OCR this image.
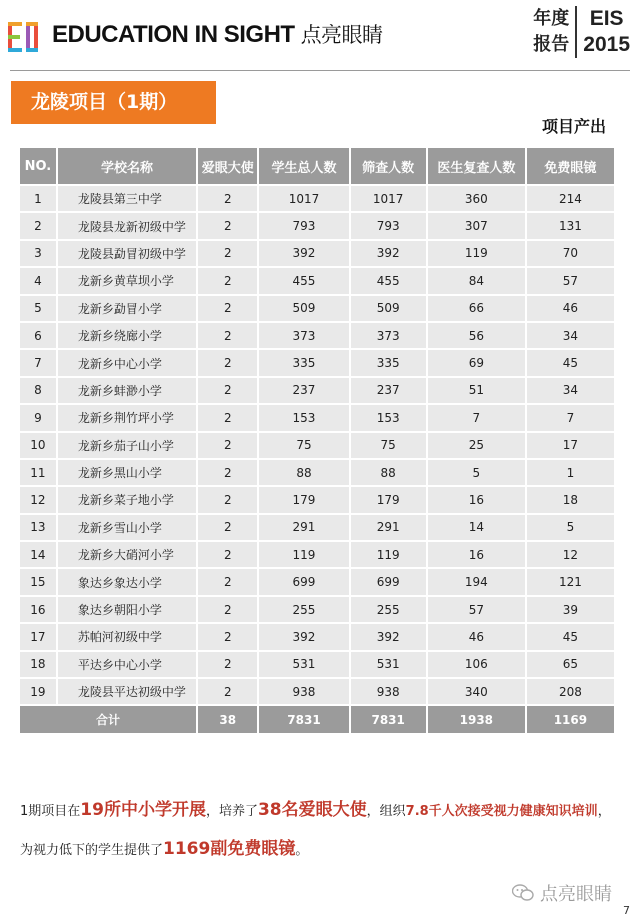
EDUCATION IN SIGHT 点亮眼睛
年度
报告
EIS
2015
龙陵项目（1期）
项目产出
NO.	学校名称	爱眼大使	学生总人数	筛查人数	医生复查人数	免费眼镜
1	龙陵县第三中学	2	1017	1017	360	214
2	龙陵县龙新初级中学	2	793	793	307	131
3	龙陵县勐冒初级中学	2	392	392	119	70
4	龙新乡黄草坝小学	2	455	455	84	57
5	龙新乡勐冒小学	2	509	509	66	46
6	龙新乡绕廊小学	2	373	373	56	34
7	龙新乡中心小学	2	335	335	69	45
8	龙新乡蚌渺小学	2	237	237	51	34
9	龙新乡荆竹坪小学	2	153	153	7	7
10	龙新乡茄子山小学	2	75	75	25	17
11	龙新乡黑山小学	2	88	88	5	1
12	龙新乡菜子地小学	2	179	179	16	18
13	龙新乡雪山小学	2	291	291	14	5
14	龙新乡大硝河小学	2	119	119	16	12
15	象达乡象达小学	2	699	699	194	121
16	象达乡朝阳小学	2	255	255	57	39
17	苏帕河初级中学	2	392	392	46	45
18	平达乡中心小学	2	531	531	106	65
19	龙陵县平达初级中学	2	938	938	340	208
合计		38	7831	7831	1938	1169
1期项目在19所中小学开展，培养了38名爱眼大使，组织7.8千人次接受视力健康知识培训，
为视力低下的学生提供了1169副免费眼镜。
点亮眼睛
7
